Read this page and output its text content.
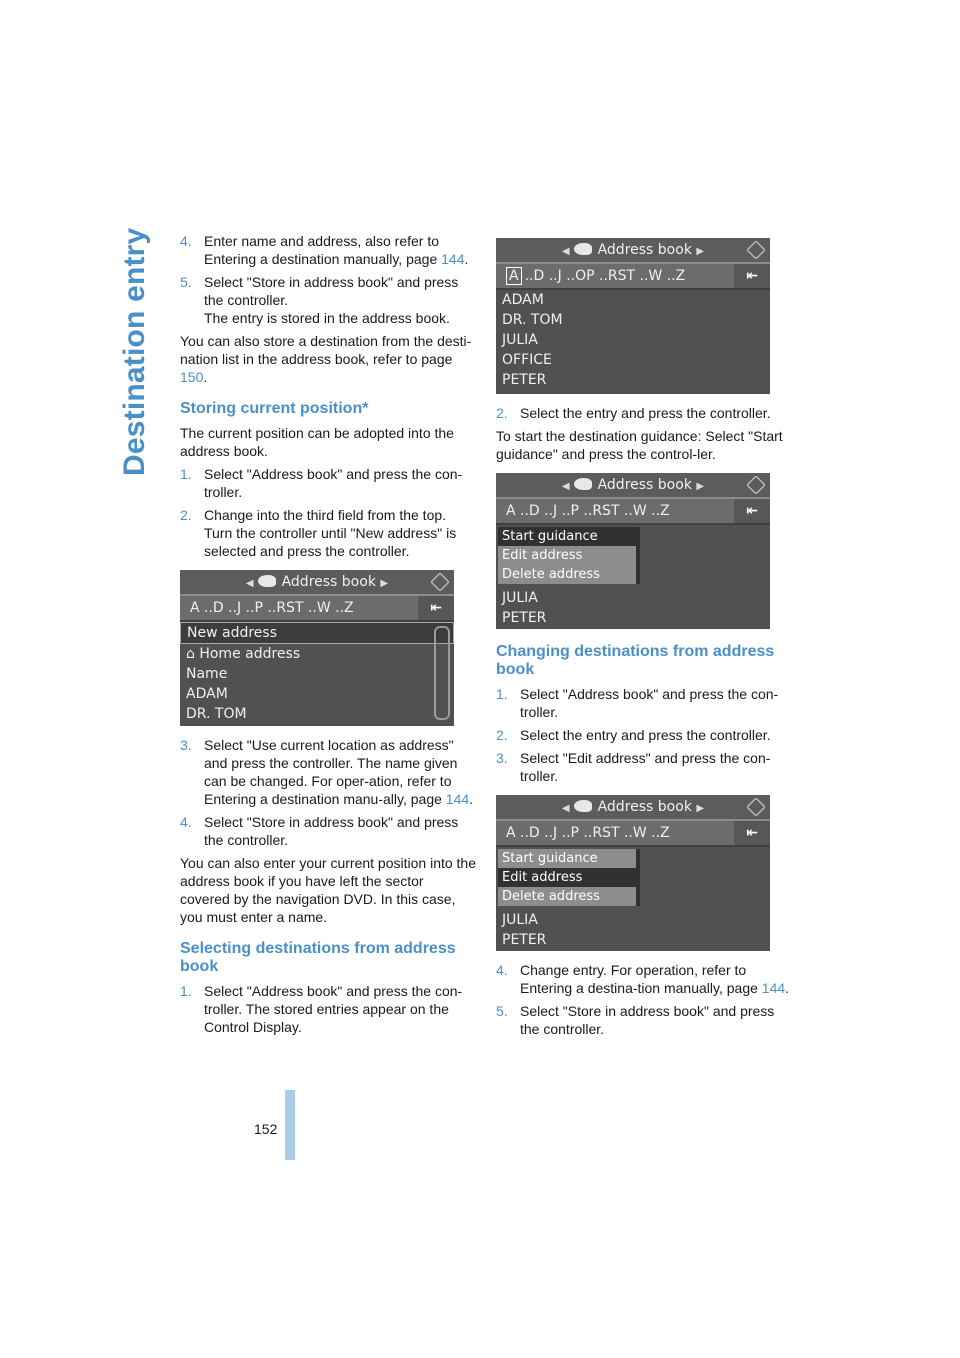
Destination entry
152
4. Enter name and address, also refer to Entering a destination manually, page 144.
5. Select "Store in address book" and press the controller.
The entry is stored in the address book.

You can also store a destination from the desti-nation list in the address book, refer to page 150.

Storing current position*

The current position can be adopted into the address book.

1. Select "Address book" and press the con-troller.
2. Change into the third field from the top. Turn the controller until "New address" is selected and press the controller.
◀ Address book ▶
A ..D ..J ..P ..RST ..W ..Z	⇤
New address
⌂ Home address
Name
ADAM
DR. TOM
3. Select "Use current location as address" and press the controller. The name given can be changed. For oper-ation, refer to Entering a destination manu-ally, page 144.
4. Select "Store in address book" and press the controller.

You can also enter your current position into the address book if you have left the sector covered by the navigation DVD. In this case, you must enter a name.

Selecting destinations from address book
1. Select "Address book" and press the con-troller. The stored entries appear on the Control Display.
◀ Address book ▶
A ..D ..J ..OP ..RST ..W ..Z	⇤
ADAM
DR. TOM
JULIA
OFFICE
PETER
2. Select the entry and press the controller.

To start the destination guidance: Select "Start guidance" and press the control-ler.

◀ Address book ▶
A ..D ..J ..P ..RST ..W ..Z	⇤
JULIA
PETER
Start guidance
Edit address
Delete address
Changing destinations from address book
1. Select "Address book" and press the con-troller.
2. Select the entry and press the controller.
3. Select "Edit address" and press the con-troller.
◀ Address book ▶
A ..D ..J ..P ..RST ..W ..Z	⇤
JULIA
PETER
Start guidance
Edit address
Delete address
4. Change entry. For operation, refer to Entering a destina-tion manually, page 144.
5. Select "Store in address book" and press the controller.
